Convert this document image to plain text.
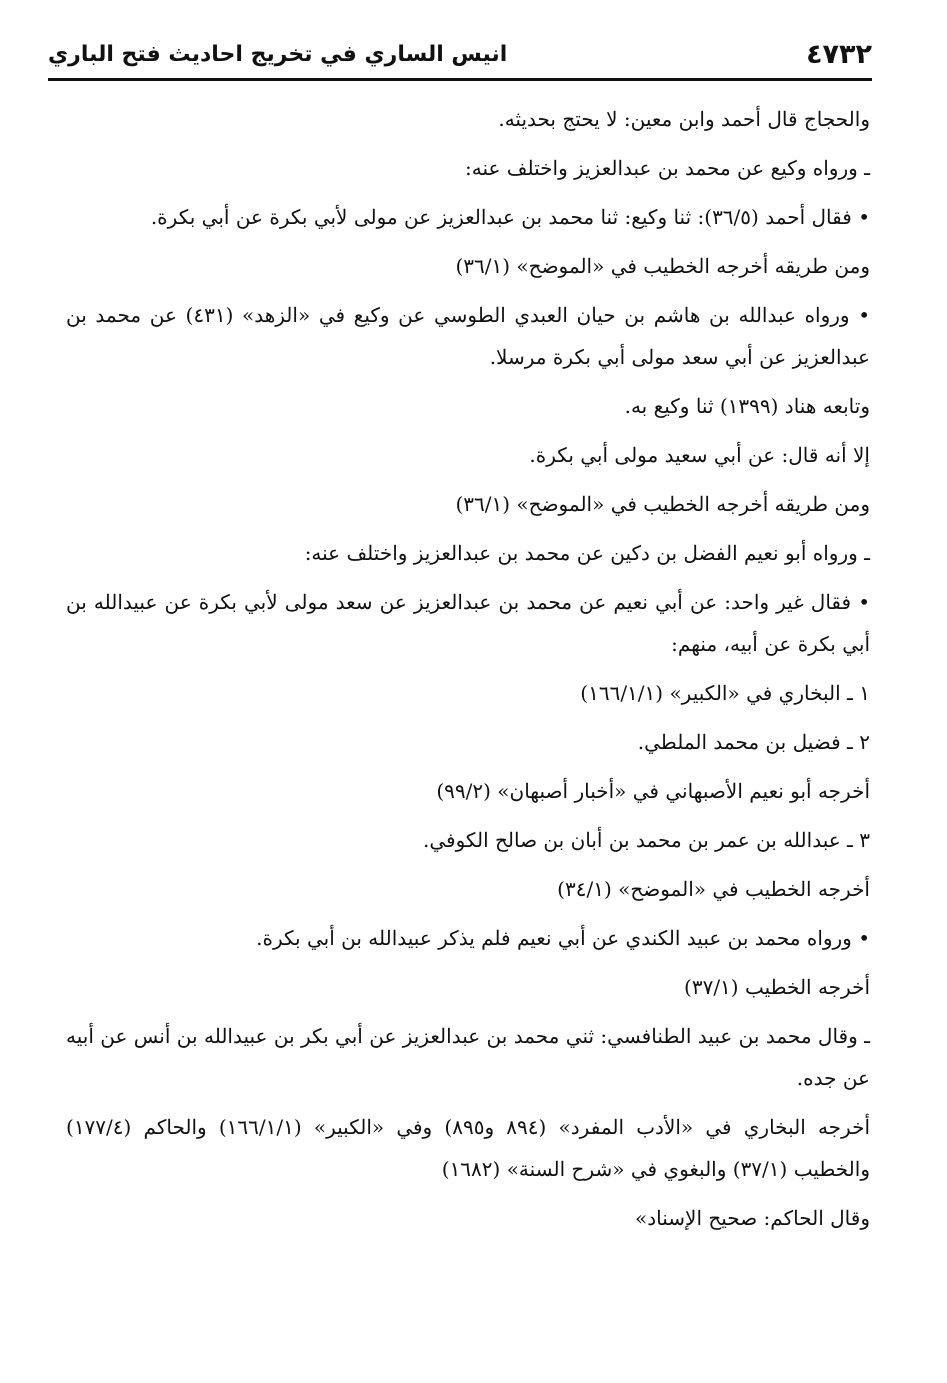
٤٧٣٢
انيس الساري في تخريج احاديث فتح الباري

والحجاج قال أحمد وابن معين: لا يحتج بحديثه.

ـ ورواه وكيع عن محمد بن عبدالعزيز واختلف عنه:

• فقال أحمد (٣٦/٥): ثنا وكيع: ثنا محمد بن عبدالعزيز عن مولى لأبي بكرة عن أبي بكرة.

ومن طريقه أخرجه الخطيب في «الموضح» (٣٦/١)

• ورواه عبدالله بن هاشم بن حيان العبدي الطوسي عن وكيع في «الزهد» (٤٣١) عن محمد بن عبدالعزيز عن أبي سعد مولى أبي بكرة مرسلا.

وتابعه هناد (١٣٩٩) ثنا وكيع به.

إلا أنه قال: عن أبي سعيد مولى أبي بكرة.

ومن طريقه أخرجه الخطيب في «الموضح» (٣٦/١)

ـ ورواه أبو نعيم الفضل بن دكين عن محمد بن عبدالعزيز واختلف عنه:

• فقال غير واحد: عن أبي نعيم عن محمد بن عبدالعزيز عن سعد مولى لأبي بكرة عن عبيدالله بن أبي بكرة عن أبيه، منهم:

١ ـ البخاري في «الكبير» (١٦٦/١/١)

٢ ـ فضيل بن محمد الملطي.

أخرجه أبو نعيم الأصبهاني في «أخبار أصبهان» (٩٩/٢)

٣ ـ عبدالله بن عمر بن محمد بن أبان بن صالح الكوفي.

أخرجه الخطيب في «الموضح» (٣٤/١)

• ورواه محمد بن عبيد الكندي عن أبي نعيم فلم يذكر عبيدالله بن أبي بكرة.

أخرجه الخطيب (٣٧/١)

ـ وقال محمد بن عبيد الطنافسي: ثني محمد بن عبدالعزيز عن أبي بكر بن عبيدالله بن أنس عن أبيه عن جده.

أخرجه البخاري في «الأدب المفرد» (٨٩٤ و٨٩٥) وفي «الكبير» (١٦٦/١/١) والحاكم (١٧٧/٤) والخطيب (٣٧/١) والبغوي في «شرح السنة» (١٦٨٢)

وقال الحاكم: صحيح الإسناد»
